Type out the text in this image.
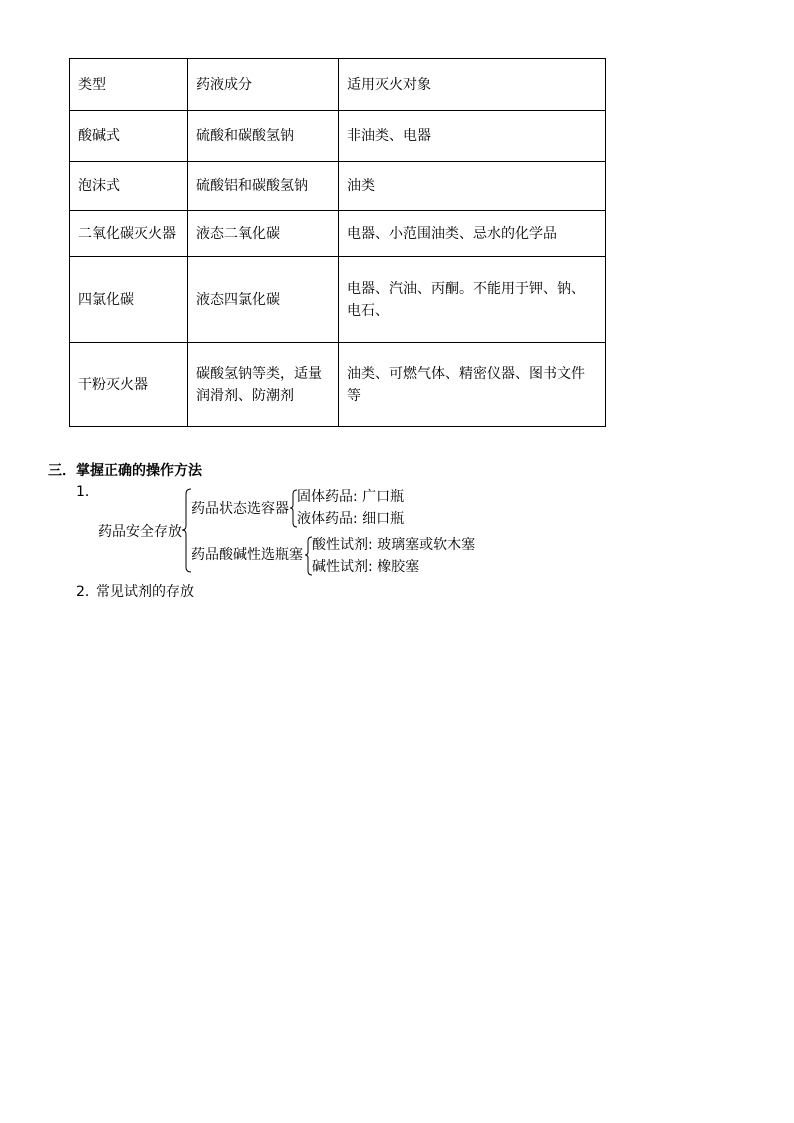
类型	药液成分	适用灭火对象
酸碱式	硫酸和碳酸氢钠	非油类、电器
泡沫式	硫酸铝和碳酸氢钠	油类
二氧化碳灭火器	液态二氧化碳	电器、小范围油类、忌水的化学品
四氯化碳	液态四氯化碳	电器、汽油、丙酮。不能用于钾、钠、电石、
干粉灭火器	碳酸氢钠等类，适量润滑剂、防潮剂	油类、可燃气体、精密仪器、图书文件等
三．掌握正确的操作方法
1．
药品安全存放
药品状态选容器
固体药品: 广口瓶
液体药品: 细口瓶
药品酸碱性选瓶塞
酸性试剂: 玻璃塞或软木塞
碱性试剂: 橡胶塞
2．
常见试剂的存放
